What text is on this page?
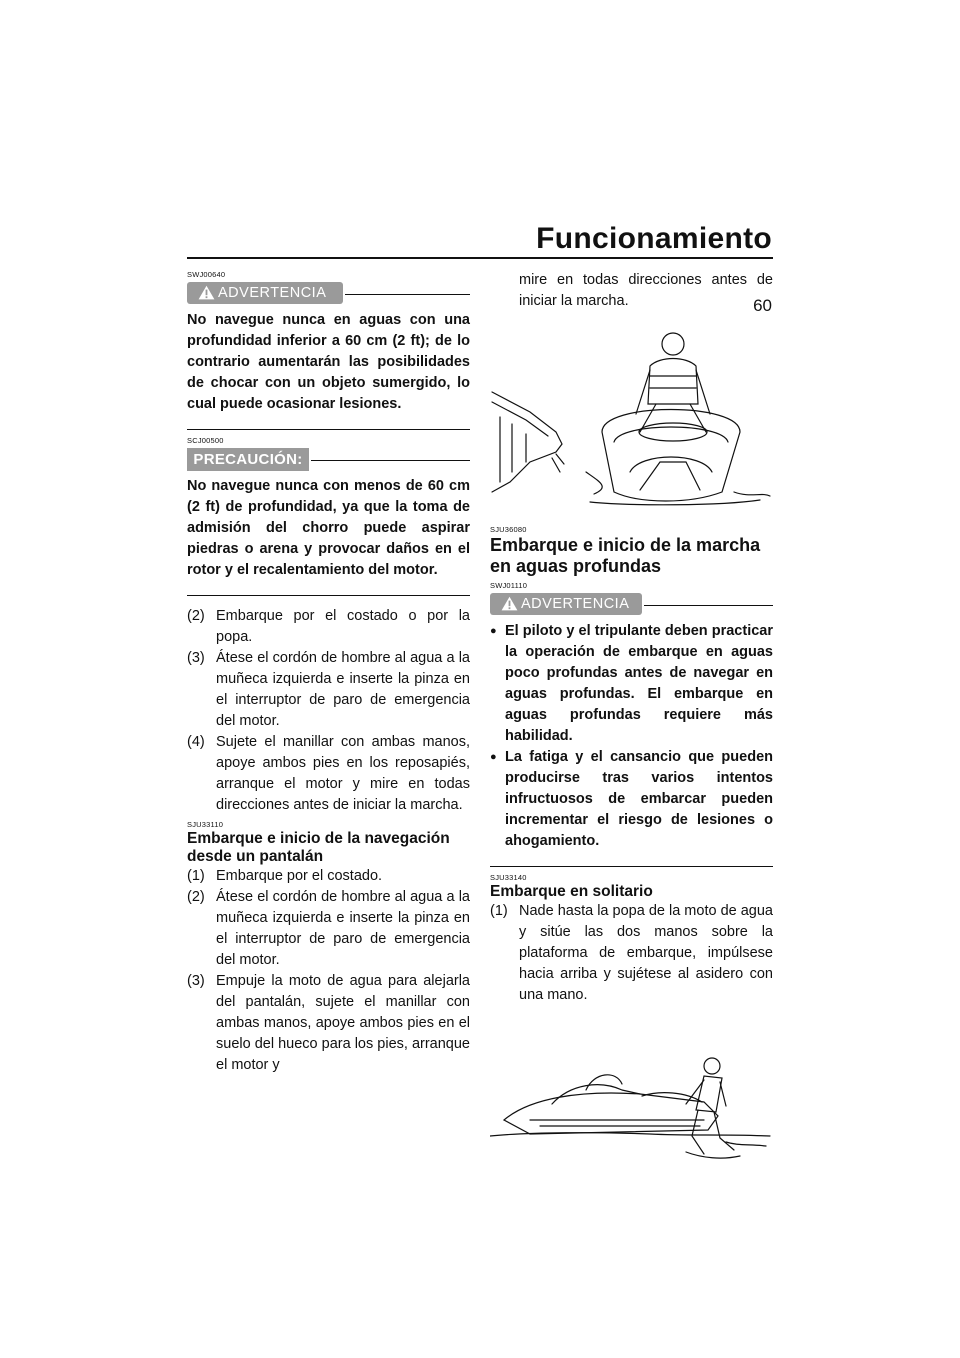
Funcionamiento
60
SWJ00640
ADVERTENCIA
No navegue nunca en aguas con una profundidad inferior a 60 cm (2 ft); de lo contrario aumentarán las posibilidades de chocar con un objeto sumergido, lo cual puede ocasionar lesiones.
SCJ00500
PRECAUCIÓN:
No navegue nunca con menos de 60 cm (2 ft) de profundidad, ya que la toma de admisión del chorro puede aspirar piedras o arena y provocar daños en el rotor y el recalentamiento del motor.
(2) Embarque por el costado o por la popa.
(3) Átese el cordón de hombre al agua a la muñeca izquierda e inserte la pinza en el interruptor de paro de emergencia del motor.
(4) Sujete el manillar con ambas manos, apoye ambos pies en los reposapiés, arranque el motor y mire en todas direcciones antes de iniciar la marcha.
SJU33110
Embarque e inicio de la navegación desde un pantalán
(1) Embarque por el costado.
(2) Átese el cordón de hombre al agua a la muñeca izquierda e inserte la pinza en el interruptor de paro de emergencia del motor.
(3) Empuje la moto de agua para alejarla del pantalán, sujete el manillar con ambas manos, apoye ambos pies en el suelo del hueco para los pies, arranque el motor y
mire en todas direcciones antes de iniciar la marcha.
SJU36080
Embarque e inicio de la marcha en aguas profundas
SWJ01110
ADVERTENCIA
● El piloto y el tripulante deben practicar la operación de embarque en aguas poco profundas antes de navegar en aguas profundas. El embarque en aguas profundas requiere más habilidad.
● La fatiga y el cansancio que pueden producirse tras varios intentos infructuosos de embarcar pueden incrementar el riesgo de lesiones o ahogamiento.
SJU33140
Embarque en solitario
(1) Nade hasta la popa de la moto de agua y sitúe las dos manos sobre la plataforma de embarque, impúlsese hacia arriba y sujétese al asidero con una mano.
